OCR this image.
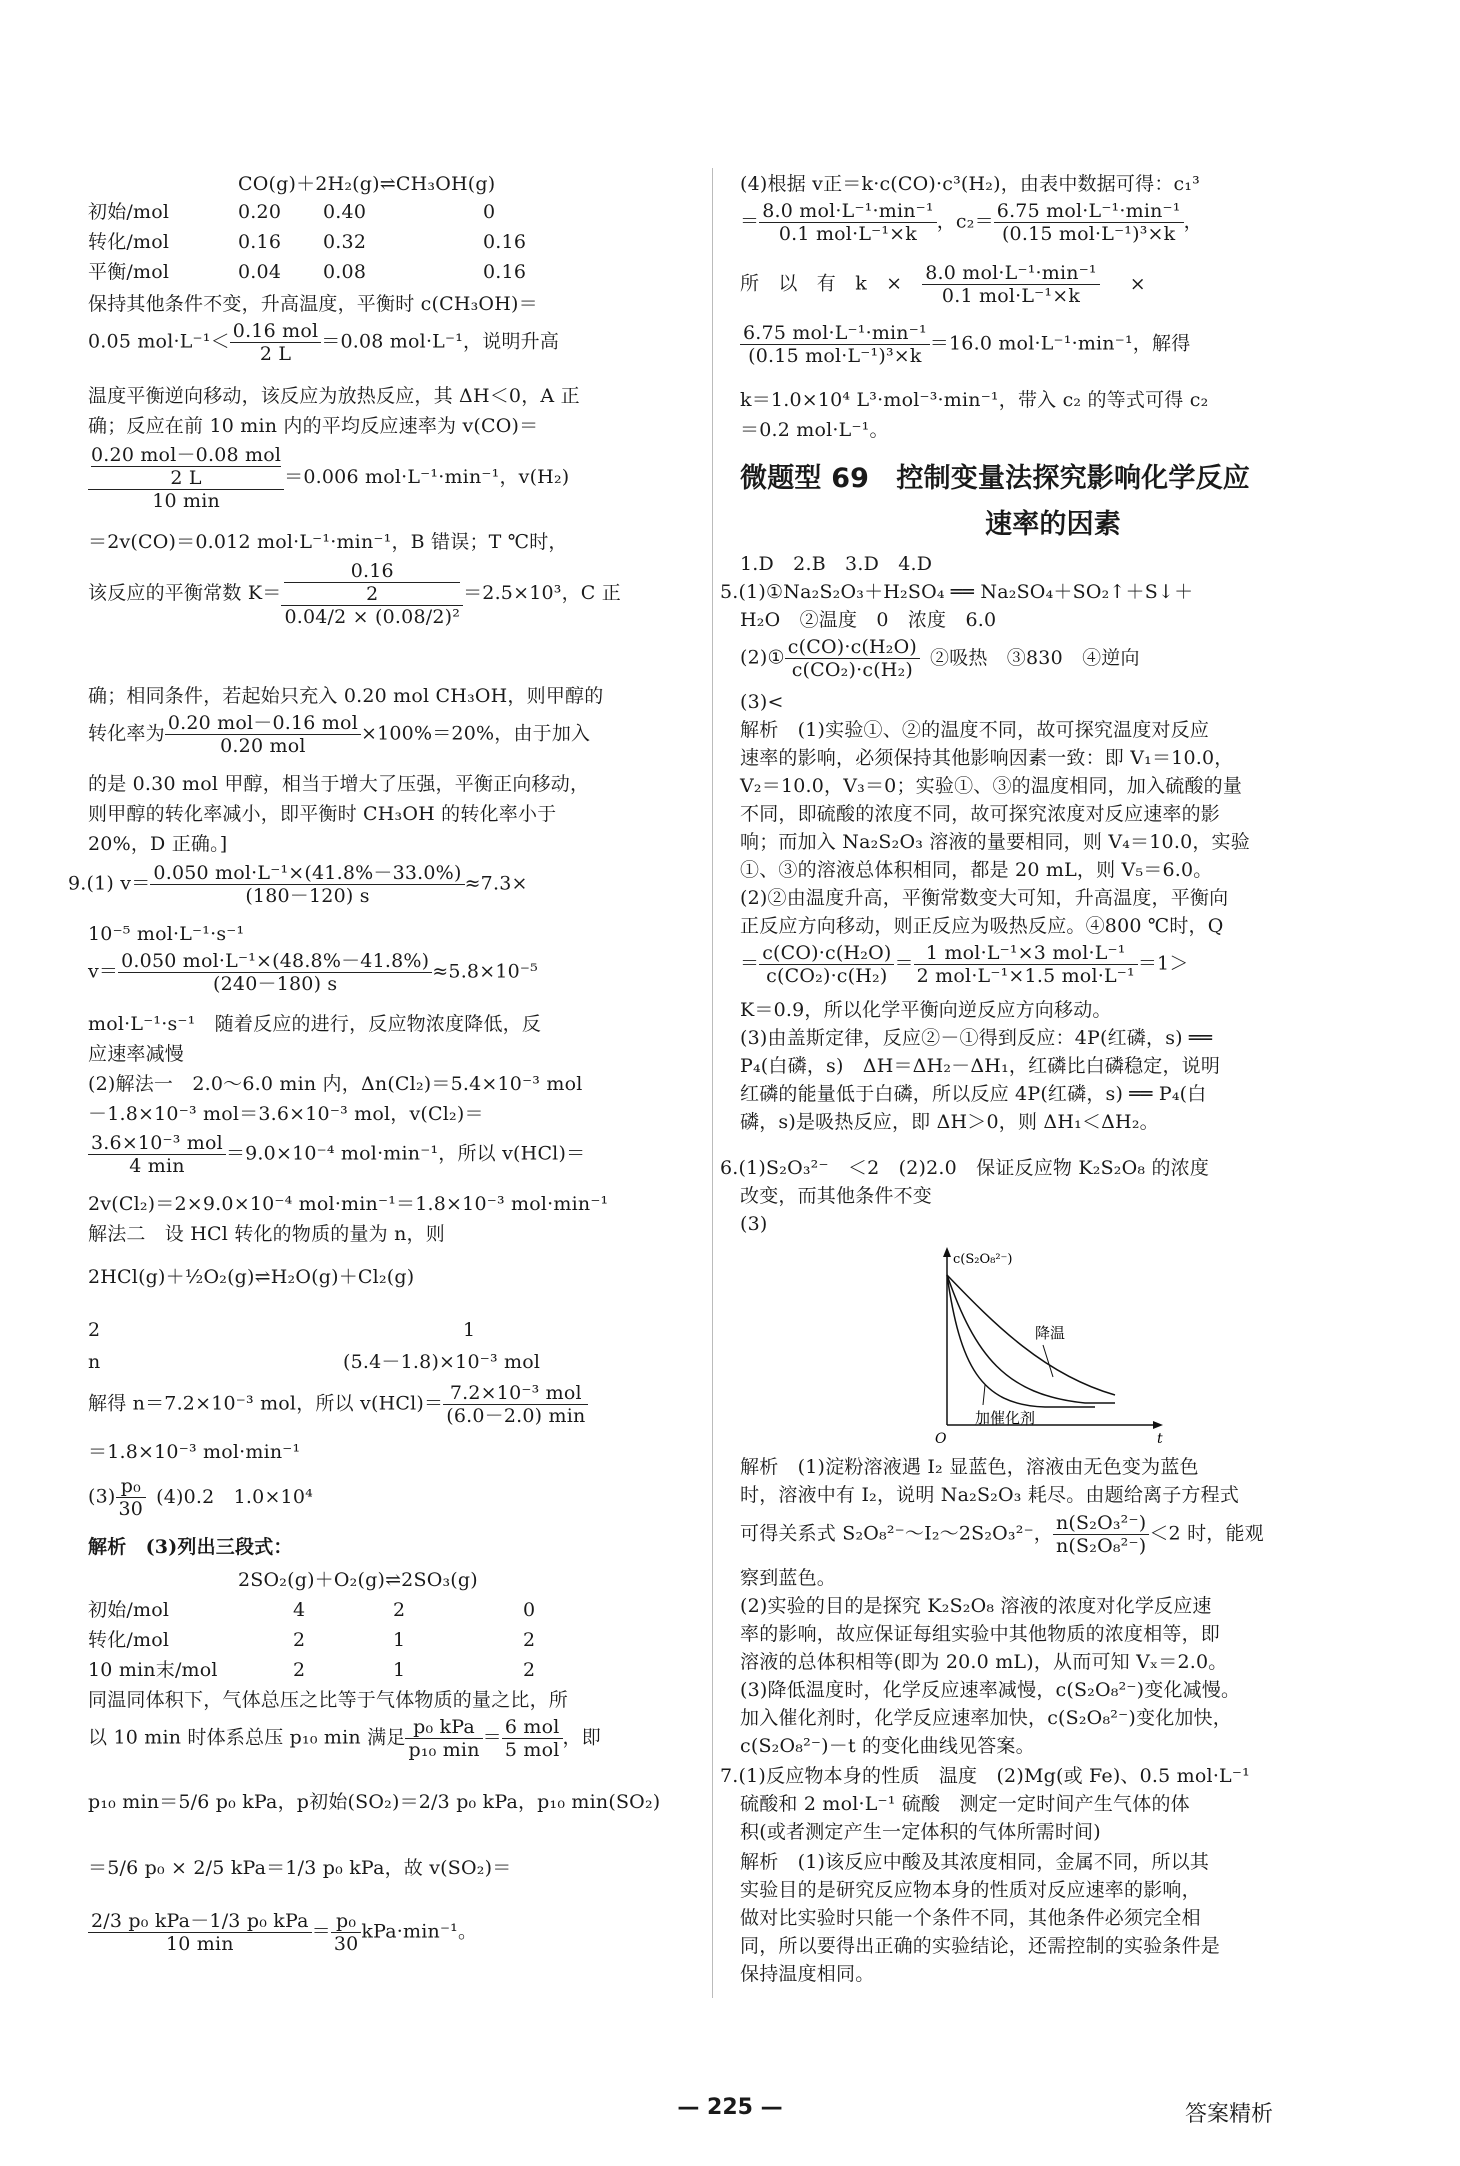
CO(g)＋2H₂(g)⇌CH₃OH(g)
初始/mol	0.20 0.40	0
转化/mol	0.16 0.32	0.16
平衡/mol	0.04 0.08	0.16
保持其他条件不变，升高温度，平衡时 c(CH₃OH)＝
0.05 $mol\cdot L^{-1}< \frac{\text{0.16 mol}}{2 L} =0.08$ mol·L⁻¹，说明升高
温度平衡逆向移动，该反应为放热反应，其 ΔH＜0，A 正
确；反应在前 10 min 内的平均反应速率为 v(CO)＝
0.20 mol－0.08 mol
2 L
10 min ＝0.006 mol·L⁻¹·min⁻¹，v(H₂)
＝2v(CO)＝0.012 mol·L⁻¹·min⁻¹，B 错误；T ℃时，
该反应的平衡常数 K＝ 0.16
2
0.04/2 × (0.08/2)² ＝2.5×10³，C 正
确；相同条件，若起始只充入 0.20 mol CH₃OH，则甲醇的
转化率为 $\frac{\text{0.20 mol－0.16 mol}}{\text{0.20 mol}} \times 100\%=20\%$，由于加入
的是 0.30 mol 甲醇，相当于增大了压强，平衡正向移动，
则甲醇的转化率减小，即平衡时 CH₃OH 的转化率小于
20%，D 正确。]
9.(1) $v= \frac{\text{0.050 mol·L⁻¹×(41.8\%－33.0\%)}}{(180-120) s} \approx 7.3\times$
10⁻⁵ mol·L⁻¹·s⁻¹
$v= \frac{\text{0.050 mol·L⁻¹×(48.8\%－41.8\%)}}{(240-180) s} \approx 5.8\times 10^{-5}$
mol·L⁻¹·s⁻¹　随着反应的进行，反应物浓度降低，反
应速率减慢
(2)解法一　2.0～6.0 min 内，Δn(Cl₂)＝5.4×10⁻³ mol
－1.8×10⁻³ mol＝3.6×10⁻³ mol，v(Cl₂)＝
$\frac{\text{3.6×10⁻³ mol}}{4 \min} =9.0\times 10^{-4}$ mol·min⁻¹，所以 v(HCl)＝
2v(Cl₂)＝2×9.0×10⁻⁴ mol·min⁻¹＝1.8×10⁻³ mol·min⁻¹
解法二　设 HCl 转化的物质的量为 n，则
2HCl(g)＋½O₂(g)⇌H₂O(g)＋Cl₂(g)
2	1
n	(5.4－1.8)×10⁻³ mol
解得 n＝7.2×10⁻³ mol，所以 $v(HCl)= \frac{\text{7.2×10⁻³ mol}}{(6.0-2.0) \min}$
＝1.8×10⁻³ mol·min⁻¹
$(3) \frac{\text{p₀}}{30} (4)0.2$　1.0×10⁴
解析　(3)列出三段式：
2SO₂(g)＋O₂(g)⇌2SO₃(g)
初始/mol	4	2	0
转化/mol	2	1	2
10 min末/mol	2	1	2
同温同体积下，气体总压之比等于气体物质的量之比，所
以 10 min 时体系总压 p₁₀ min 满足 $\frac{\text{p₀ kPa}}{\text{p₁₀ min}} = \frac{\text{6 mol}}{\text{5 mol}}$ ，即
p₁₀ min＝5/6 p₀ kPa，p初始(SO₂)＝2/3 p₀ kPa，p₁₀ min(SO₂)
＝5/6 p₀ × 2/5 kPa＝1/3 p₀ kPa，故 v(SO₂)＝
$\frac{\text{2/3 p₀ kPa－1/3 p₀ kPa}}{10 \min} = \frac{\text{p₀}}{30} kPa\cdot\min^{-1}$。
(4)根据 v正＝k·c(CO)·c³(H₂)，由表中数据可得：c₁³
＝ $\frac{\text{8.0 mol·L⁻¹·min⁻¹}}{\text{0.1 mol·L⁻¹×k}}$ ，$c_2= \frac{\text{6.75 mol·L⁻¹·min⁻¹}}{\text{(0.15 mol·L⁻¹)³×k}}$ ，
所　以　有　k　× $\frac{\text{8.0 mol·L⁻¹·min⁻¹}}{\text{0.1 mol·L⁻¹×k}}$ ×
$\frac{\text{6.75 mol·L⁻¹·min⁻¹}}{\text{(0.15 mol·L⁻¹)³×k}} =16.0$ mol·L⁻¹·min⁻¹，解得
k＝1.0×10⁴ L³·mol⁻³·min⁻¹，带入 c₂ 的等式可得 c₂
＝0.2 mol·L⁻¹。
微题型 69　控制变量法探究影响化学反应
速率的因素
1.D　2.B　3.D　4.D
5.(1)①Na₂S₂O₃＋H₂SO₄ ══ Na₂SO₄＋SO₂↑＋S↓＋
H₂O　②温度　0　浓度　6.0
(2)① $\frac{\text{c(CO)·c(H₂O)}}{\text{c(CO₂)·c(H₂)}}$ ②吸热　③830　④逆向
(3)<
解析　(1)实验①、②的温度不同，故可探究温度对反应
速率的影响，必须保持其他影响因素一致：即 V₁＝10.0，
V₂＝10.0，V₃＝0；实验①、③的温度相同，加入硫酸的量
不同，即硫酸的浓度不同，故可探究浓度对反应速率的影
响；而加入 Na₂S₂O₃ 溶液的量要相同，则 V₄＝10.0，实验
①、③的溶液总体积相同，都是 20 mL，则 V₅＝6.0。
(2)②由温度升高，平衡常数变大可知，升高温度，平衡向
正反应方向移动，则正反应为吸热反应。④800 ℃时，Q
＝ $\frac{\text{c(CO)·c(H₂O)}}{\text{c(CO₂)·c(H₂)}} = \frac{\text{1 mol·L⁻¹×3 mol·L⁻¹}}{\text{2 mol·L⁻¹×1.5 mol·L⁻¹}} =1>$
K＝0.9，所以化学平衡向逆反应方向移动。
(3)由盖斯定律，反应②－①得到反应：4P(红磷，s) ══
P₄(白磷，s)　ΔH＝ΔH₂－ΔH₁，红磷比白磷稳定，说明
红磷的能量低于白磷，所以反应 4P(红磷，s) ══ P₄(白
磷，s)是吸热反应，即 ΔH＞0，则 ΔH₁＜ΔH₂。
6.(1)S₂O₃²⁻　＜2　(2)2.0　保证反应物 K₂S₂O₈ 的浓度
改变，而其他条件不变
(3)
c(S₂O₈²⁻)
降温
加催化剂
O	t
解析　(1)淀粉溶液遇 I₂ 显蓝色，溶液由无色变为蓝色
时，溶液中有 I₂，说明 Na₂S₂O₃ 耗尽。由题给离子方程式
可得关系式 S₂O₈²⁻～I₂～2S₂O₃²⁻， $\frac{\text{n(S₂O₃²⁻)}}{\text{n(S₂O₈²⁻)}} <2$ 时，能观
察到蓝色。
(2)实验的目的是探究 K₂S₂O₈ 溶液的浓度对化学反应速
率的影响，故应保证每组实验中其他物质的浓度相等，即
溶液的总体积相等(即为 20.0 mL)，从而可知 Vₓ＝2.0。
(3)降低温度时，化学反应速率减慢，c(S₂O₈²⁻)变化减慢。
加入催化剂时，化学反应速率加快，c(S₂O₈²⁻)变化加快，
c(S₂O₈²⁻)－t 的变化曲线见答案。
7.(1)反应物本身的性质　温度　(2)Mg(或 Fe)、0.5 mol·L⁻¹
硫酸和 2 mol·L⁻¹ 硫酸　测定一定时间产生气体的体
积(或者测定产生一定体积的气体所需时间)
解析　(1)该反应中酸及其浓度相同，金属不同，所以其
实验目的是研究反应物本身的性质对反应速率的影响，
做对比实验时只能一个条件不同，其他条件必须完全相
同，所以要得出正确的实验结论，还需控制的实验条件是
保持温度相同。
— 225 —	答案精析
